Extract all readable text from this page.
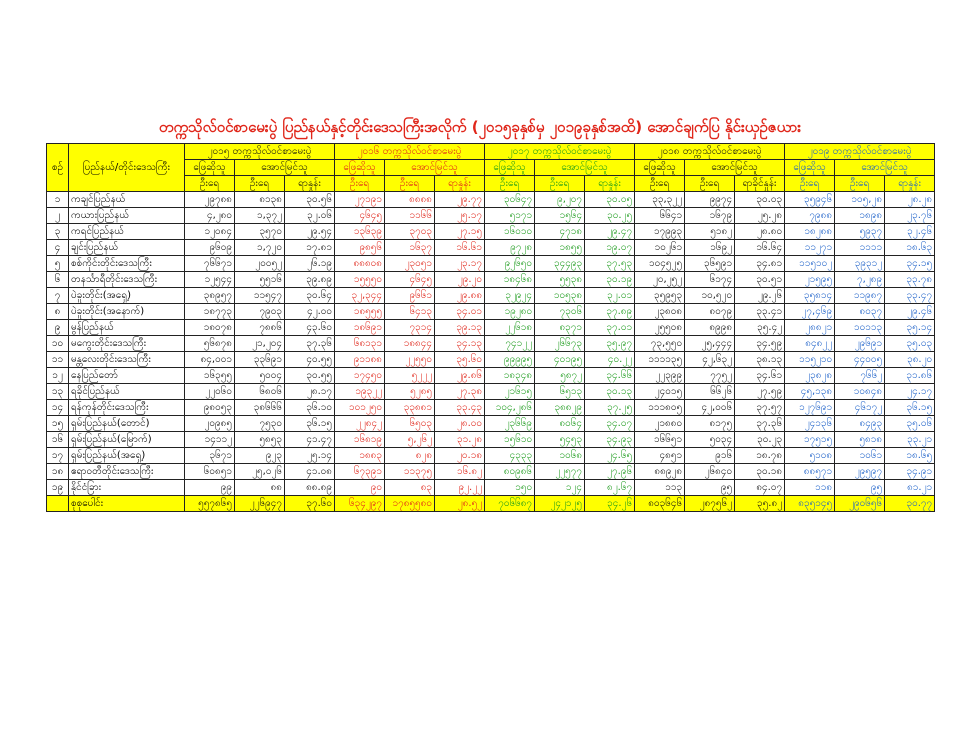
တက္ကသိုလ်ဝင်စာမေးပွဲ ပြည်နယ်နှင့်တိုင်းဒေသကြီးအလိုက် (၂၀၁၅ခုနှစ်မှ ၂၀၁၉ခုနှစ်အထိ) အောင်ချက်ပြ နိုင်းယှဉ်ဇယား
စဉ်	ပြည်နယ်/တိုင်းဒေသကြီး	၂၀၁၅ တက္ကသိုလ်ဝင်စာမေးပွဲ			၂၀၁၆ တက္ကသိုလ်ဝင်စာမေးပွဲ			၂၀၁၇ တက္ကသိုလ်ဝင်စာမေးပွဲ			၂၀၁၈ တက္ကသိုလ်ဝင်စာမေးပွဲ			၂၀၁၉ တက္ကသိုလ်ဝင်စာမေးပွဲ		
		ဖြေဆိုသူ	အောင်မြင်သူ		ဖြေဆိုသူ	အောင်မြင်သူ		ဖြေဆိုသူ	အောင်မြင်သူ		ဖြေဆိုသူ	အောင်မြင်သူ		ဖြေဆိုသူ	အောင်မြင်သူ	
		ဦးရေ	ဦးရေ	ရာနှုန်း	ဦးရေ	ဦးရေ	ရာနှုန်း	ဦးရေ	ဦးရေ	ရာနှုန်း	ဦးရေ	ဦးရေ	ရာခိုင်နှုန်း	ဦးရေ	ဦးရေ	ရာနှုန်း
၁	ကချင်ပြည်နယ်	၂၉၇၈၈	၈၁၃၈	၃၀.၅၆	၂၇၁၉၁	၈၈၈၈	၂၉.၇၇	၃၀၆၄၇	၉,၂၀၇	၃၀.၀၅	၃၃,၃၂၂	၉၉၇၄	၃၀.၀၃	၃၅၉၄၆	၁၀၅,၂၈	၂၈.၂၈
၂	ကယားပြည်နယ်	၄,၂၈၀	၁,၃၇၂	၃၂.၀၆	၄၆၄၅	၁၁၆၆	၂၅.၁၇	၅၁၇၁	၁၅၆၄	၃၀.၂၅	၆၆၄၁	၁၆၇၉	၂၅.၂၈	၇၉၈၈	၁၈၉၈	၂၃.၇၆
၃	ကရင်ပြည်နယ်	၁၂၀၈၄	၃၅၇၀	၂၉.၅၄	၁၃၆၃၉	၃၇၀၃	၂၇.၁၅	၁၆၀၁၀	၄၇၁၈	၂၉.၄၇	၁၇၉၉၃	၅၁၈၂	၂၈.၈၀	၁၈၂၈၈	၅၉၃၇	၃၂.၄၆
၄	ချင်းပြည်နယ်	၉၆၀၉	၁,၇၂၀	၁၇.၈၁	၉၈၅၆	၁၆၃၇	၁၆.၆၁	၉၇၂၈	၁၈၅၅	၁၉.၀၇	၁၀၂၆၁	၁၆၉၂	၁၆.၆၄	၁၁၂၇၁	၁၁၁၁	၁၈.၆၃
၅	စစ်ကိုင်းတိုင်းဒေသကြီး	၇၆၆၇၁	၂၀၀၅၂	၂၆.၁၉	၈၈၈၀၈	၂၃၀၅၁	၂၃.၁၇	၉၂၆၅၀	၃၄၄၉၃	၃၇.၅၃	၁၀၄၅၂၅	၃၆၅၉၁	၃၄.၈၁	၁၁၅၁၀၂	၃၉၃၁၂	၃၄.၁၅
၆	တနင်္သာရီတိုင်းဒေသကြီး	၁၂၅၄၄	၅၅၁၆	၃၉.၈၉	၁၅၅၅၀	၄၆၄၅	၂၉.၂၀	၁၈၄၆၈	၅၅၃၈	၃၀.၁၉	၂၀,၂၅၂	၆၁၇၄	၃၀.၅၁	၂၁၅၉၅	၇,၂၈၉	၃၃.၇၈
၇	ပဲခူးတိုင်း(အရှေ့)	၃၈၉၅၇	၁၁၅၄၇	၃၀.၆၄	၃၂,၃၄၄	၉၆၆၁	၂၉.၈၈	၃၂၉၂၄	၁၀၅၃၈	၃၂.၀၁	၃၅၉၅၃	၁၀,၅၂၀	၂၉.၂၆	၃၅၈၁၄	၁၁၉၈၇	၃၃.၄၇
၈	ပဲခူးတိုင်း(အနောက်)	၁၈၇၇၃	၇၉၀၃	၄၂.၀၀	၁၈၅၅၅	၆၄၁၃	၃၄.၀၁	၁၉၂၈၀	၇၃၀၆	၃၇.၈၉	၂၃၈၀၈	၈၀၇၉	၃၃.၄၁	၂၇,၄၆၉	၈၀၃၇	၂၉.၄၆
၉	မွန်ပြည်နယ်	၁၈၀၇၈	၇၈၈၆	၄၃.၆၀	၁၈၆၉၁	၇၃၁၄	၃၉.၁၃	၂၂၆၁၈	၈၃၇၁	၃၇.၀၁	၂၅၅၀၈	၈၉၉၈	၃၅.၄၂	၂၈၈၂၁	၁၀၁၁၃	၃၅.၁၄
၁၀	မကွေးတိုင်းဒေသကြီး	၅၆၈၇၈	၂၁,၂၀၄	၃၇.၃၆	၆၈၁၃၁	၁၈၈၄၄	၃၄.၁၃	၇၄၁၂၂	၂၆၆၇၃	၃၅.၉၇	၇၃,၅၅၀	၂၅,၄၄၄	၃၄.၅၉	၈၄၈၂၂	၂၉၆၉၁	၃၅.၀၃
၁၁	မန္တလေးတိုင်းဒေသကြီး	၈၄,၀၀၁	၃၃၆၉၁	၄၀.၅၅	၉၁၁၈၈	၂၂၅၅၀	၃၅.၆၀	၉၉၉၉၅	၄၀၁၉၅	၄၀.၂၂	၁၁၁၁၃၅	၄၂,၆၃၂	၃၈.၁၃	၁၁၅၂၁၀	၄၄၀၀၅	၃၈.၂၀
၁၂	နေပြည်တော်	၁၆၃၅၅	၅၀၀၄	၃၀.၅၅	၁၇၄၅၀	၅၂၂၂	၂၉.၈၆	၁၈၃၄၈	၅၈၇၂	၃၄.၆၆	၂၂၃၉၉	၇၇၅၂	၃၄.၆၁	၂၃၈၂၈	၇၆၆၂	၃၁.၈၆
၁၃	ရခိုင်ပြည်နယ်	၂၂၀၆၀	၆၈၀၆	၂၈.၁၇	၁၉၃၂၂	၅၂၈၅	၂၇.၃၈	၂၁၆၁၅	၆၅၁၃	၃၀.၁၃	၂၄၀၁၅	၆၆၂၆	၂၇.၅၉	၄၅,၁၃၈	၁၀၈၄၈	၂၄.၁၇
၁၄	ရန်ကုန်တိုင်းဒေသကြီး	၉၈၀၅၃	၃၈၆၆၆	၃၆.၁၀	၁၀၁၂၅၀	၃၃၈၈၁	၃၃.၄၃	၁၀၄,၂၈၆	၃၈၈၂၉	၃၇.၂၅	၁၁၁၈၀၅	၄၂,၀၀၆	၃၇.၅၇	၁၂၇၆၉၁	၄၆၁၇၂	၃၆.၁၅
၁၅	ရှမ်းပြည်နယ်(တောင်)	၂၀၉၈၅	၇၅၃၀	၃၆.၁၅	၂၂၈၄၂	၆၅၀၃	၂၈.၀၀	၂၃၆၆၉	၈၀၆၄	၃၄.၀၇	၂၁၈၈၀	၈၁၇၅	၃၇.၃၆	၂၄၁၃၆	၈၄၉၃	၃၅.၀၆
၁၆	ရှမ်းပြည်နယ်(မြောက်)	၁၄၁၁၂	၅၈၅၃	၄၁.၄၇	၁၆၈၁၉	၅,၂၆၂	၃၁.၂၈	၁၅၆၁၀	၅၄၅၃	၃၄.၉၃	၁၆၆၅၁	၅၀၃၄	၃၀.၂၃	၁၇၅၁၅	၅၈၁၈	၃၃.၂၁
၁၇	ရှမ်းပြည်နယ်(အရှေ့)	၃၆၇၁	၉၂၃	၂၅.၁၄	၁၈၈၃	၈၂၈	၂၀.၁၈	၄၃၃၃	၁၀၆၈	၂၄.၆၅	၄၈၅၁	၉၁၆	၁၈.၇၈	၅၁၀၈	၁၀၆၁	၁၈.၆၅
၁၈	ဧရာဝတီတိုင်းဒေသကြီး	၆၀၈၅၁	၂၅,၀၂၆	၄၁.၀၈	၆၇၃၉၁	၁၁၃၇၅	၁၆.၈၂	၈၀၉၈၆	၂၂၅၇၇	၂၇.၉၆	၈၈၉၂၈	၂၆၈၄၀	၃၀.၁၈	၈၈၅၇၁	၂၉၅၉၇	၃၄.၉၁
၁၉	နိုင်ငံခြား	၉၉	၈၈	၈၈.၈၉	၉၀	၈၃	၉၂.၂၂	၁၅၀	၁၂၄	၈၂.၆၇	၁၁၃	၉၅	၈၄.၀၇	၁၁၈	၉၅	၈၁.၂၁
	စုစုပေါင်း	၅၅၇၈၆၅	၂၂၆၉၄၇	၃၇.၆၀	၆၃၄၂၉၇	၁၇၈၅၅၈၀	၂၈.၅၂	၇၀၆၆၈၇	၂၄၂၁၂၅	၃၄.၂၆	၈၀၃၆၄၆	၂၈၇၅၆၂	၃၅.၈၂	၈၃၅၁၄၅	၂၉၀၆၅၆	၃၀.၇၇
